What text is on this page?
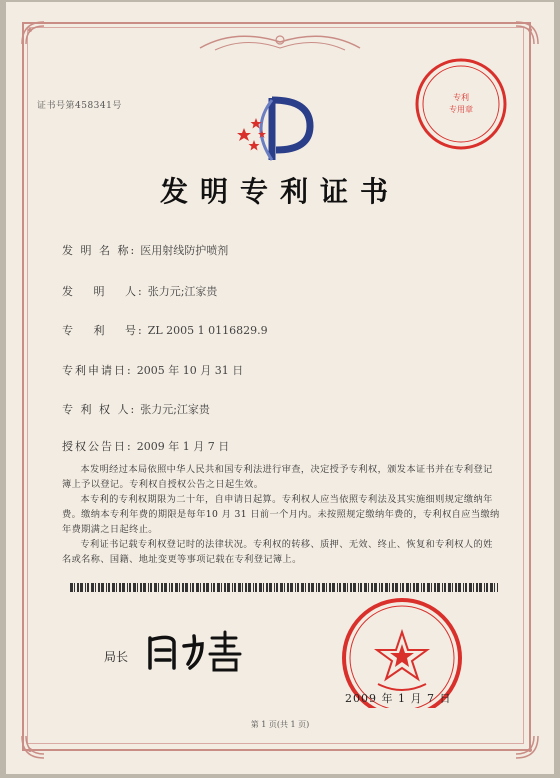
证书号第458341号
专利
专用章
发明专利证书
发 明 名 称: 医用射线防护喷剂
发　 明　 人: 张力元;江家贵
专　 利　 号: ZL 2005 1 0116829.9
专利申请日: 2005 年 10 月 31 日
专 利 权 人: 张力元;江家贵
授权公告日: 2009 年 1 月 7 日
本发明经过本局依照中华人民共和国专利法进行审查，决定授予专利权，颁发本证书并在专利登记簿上予以登记。专利权自授权公告之日起生效。
本专利的专利权期限为二十年，自申请日起算。专利权人应当依照专利法及其实施细则规定缴纳年费。缴纳本专利年费的期限是每年10 月 31 日前一个月内。未按照规定缴纳年费的，专利权自应当缴纳年费期满之日起终止。
专利证书记载专利权登记时的法律状况。专利权的转移、质押、无效、终止、恢复和专利权人的姓名或名称、国籍、地址变更等事项记载在专利登记簿上。
局长
2009 年 1 月 7 日
第 1 页(共 1 页)
